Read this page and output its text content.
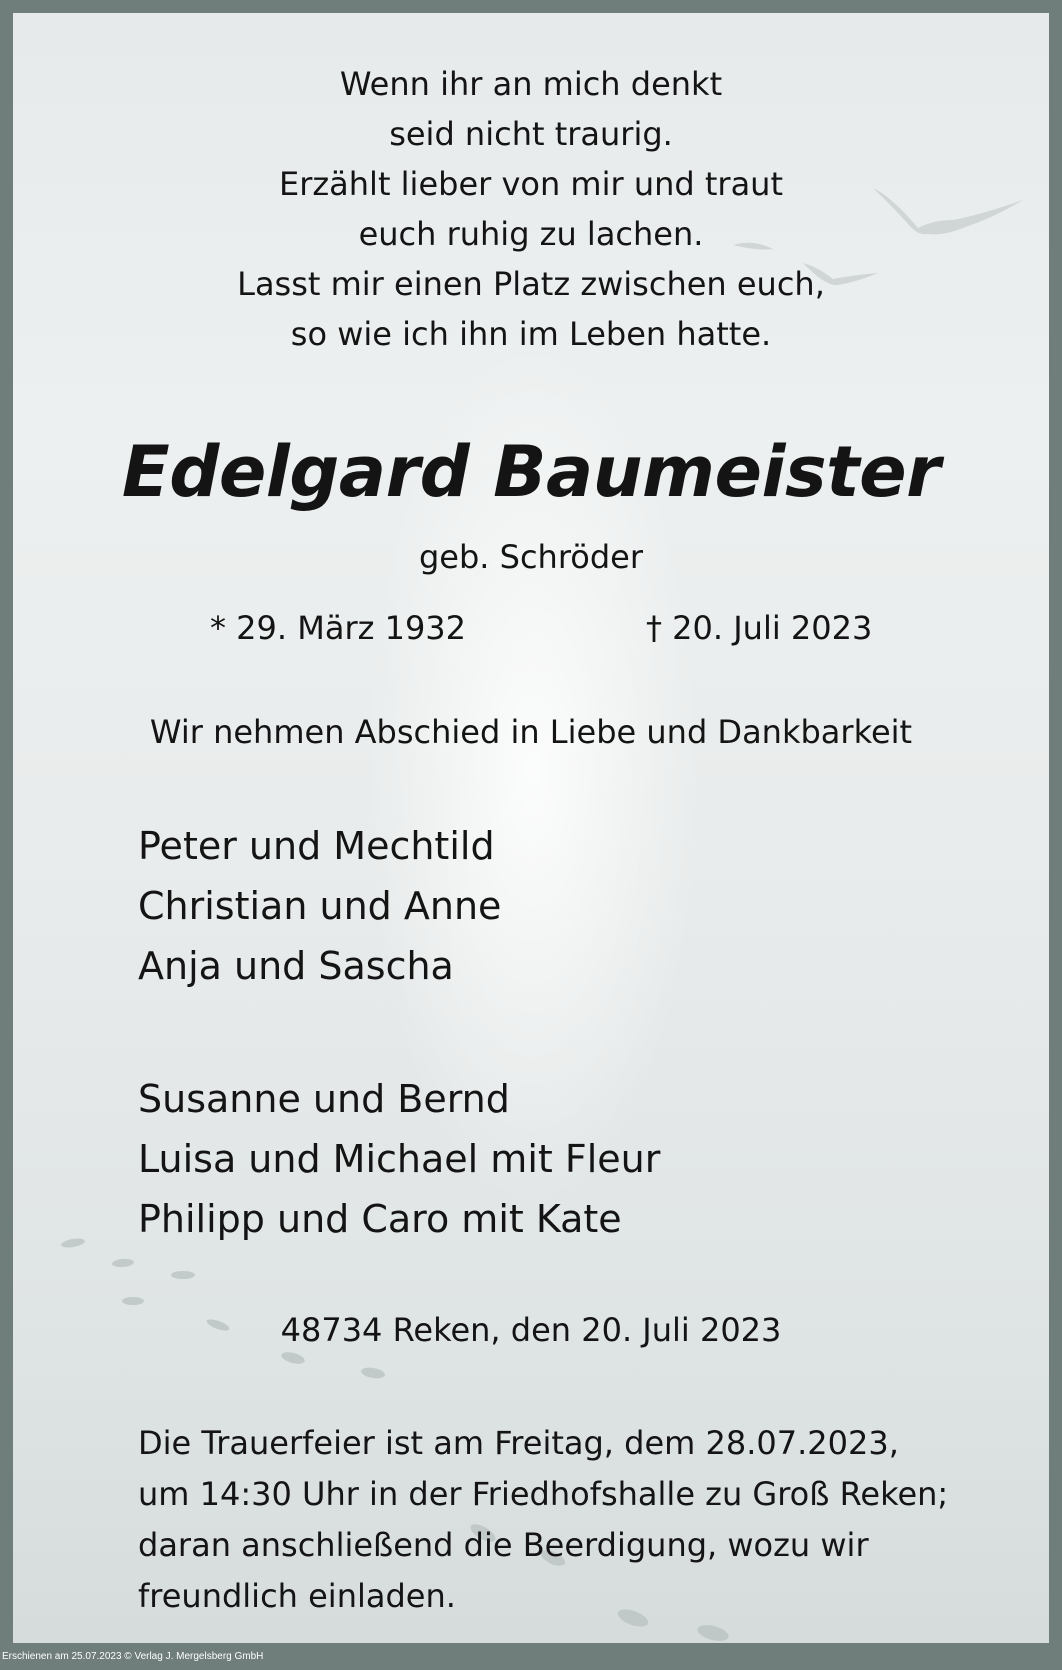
Wenn ihr an mich denkt
seid nicht traurig.
Erzählt lieber von mir und traut
euch ruhig zu lachen.
Lasst mir einen Platz zwischen euch,
so wie ich ihn im Leben hatte.
Edelgard Baumeister
geb. Schröder
* 29. März 1932	† 20. Juli 2023
Wir nehmen Abschied in Liebe und Dankbarkeit
Peter und Mechtild
Christian und Anne
Anja und Sascha
Susanne und Bernd
Luisa und Michael mit Fleur
Philipp und Caro mit Kate
48734 Reken, den 20. Juli 2023
Die Trauerfeier ist am Freitag, dem 28.07.2023,
um 14:30 Uhr in der Friedhofshalle zu Groß Reken;
daran anschließend die Beerdigung, wozu wir
freundlich einladen.
Erschienen am 25.07.2023 © Verlag J. Mergelsberg GmbH
